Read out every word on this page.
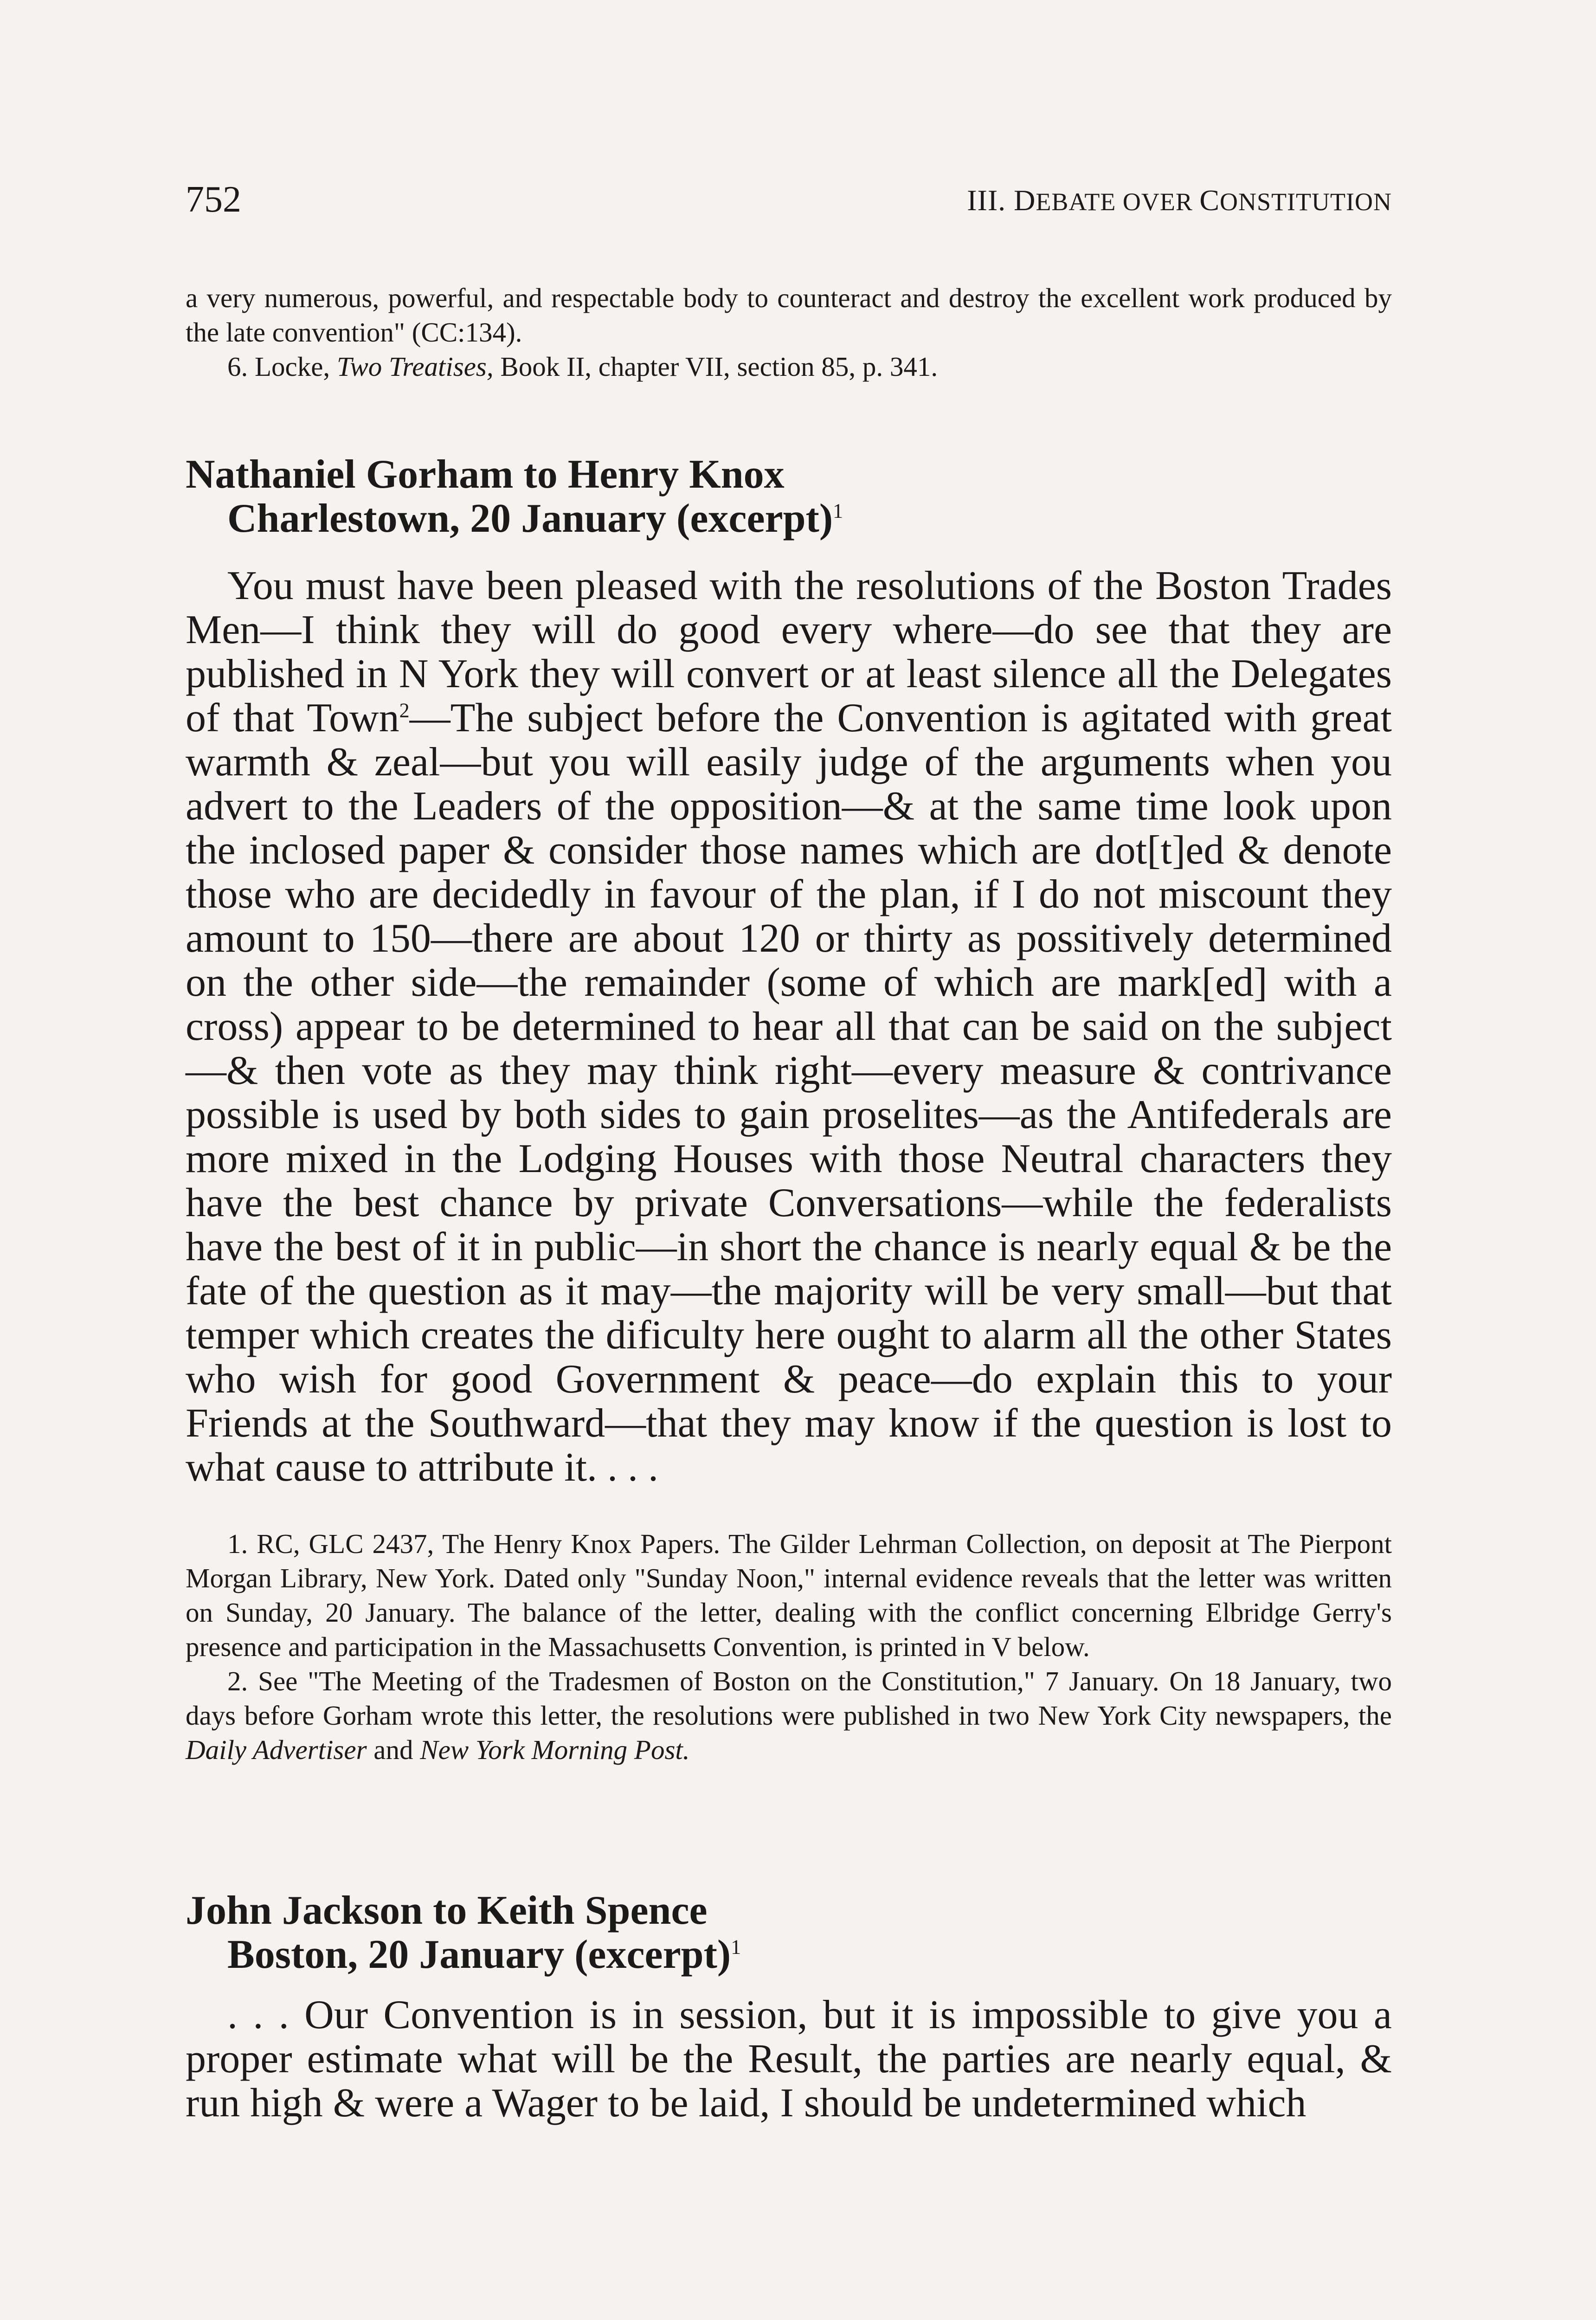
752	III. DEBATE OVER CONSTITUTION

a very numerous, powerful, and respectable body to counteract and destroy the excellent work produced by the late convention" (CC:134).

6. Locke, Two Treatises, Book II, chapter VII, section 85, p. 341.

Nathaniel Gorham to Henry Knox
Charlestown, 20 January (excerpt)$^1$

You must have been pleased with the resolutions of the Boston Trades Men—I think they will do good every where—do see that they are published in N York they will convert or at least silence all the Delegates of that Town$^2$—The subject before the Convention is agitated with great warmth & zeal—but you will easily judge of the arguments when you advert to the Leaders of the opposition—& at the same time look upon the inclosed paper & consider those names which are dot[t]ed & denote those who are decidedly in favour of the plan, if I do not miscount they amount to 150—there are about 120 or thirty as possitively determined on the other side—the remainder (some of which are mark[ed] with a cross) appear to be determined to hear all that can be said on the subject—& then vote as they may think right—every measure & contrivance possible is used by both sides to gain proselites—as the Antifederals are more mixed in the Lodging Houses with those Neutral characters they have the best chance by private Conversations—while the federalists have the best of it in public—in short the chance is nearly equal & be the fate of the question as it may—the majority will be very small—but that temper which creates the dificulty here ought to alarm all the other States who wish for good Government & peace—do explain this to your Friends at the Southward—that they may know if the question is lost to what cause to attribute it. . . .

1. RC, GLC 2437, The Henry Knox Papers. The Gilder Lehrman Collection, on deposit at The Pierpont Morgan Library, New York. Dated only "Sunday Noon," internal evidence reveals that the letter was written on Sunday, 20 January. The balance of the letter, dealing with the conflict concerning Elbridge Gerry's presence and participation in the Massachusetts Convention, is printed in V below.

2. See "The Meeting of the Tradesmen of Boston on the Constitution," 7 January. On 18 January, two days before Gorham wrote this letter, the resolutions were published in two New York City newspapers, the Daily Advertiser and New York Morning Post.

John Jackson to Keith Spence
Boston, 20 January (excerpt)$^1$

. . . Our Convention is in session, but it is impossible to give you a proper estimate what will be the Result, the parties are nearly equal, & run high & were a Wager to be laid, I should be undetermined which
